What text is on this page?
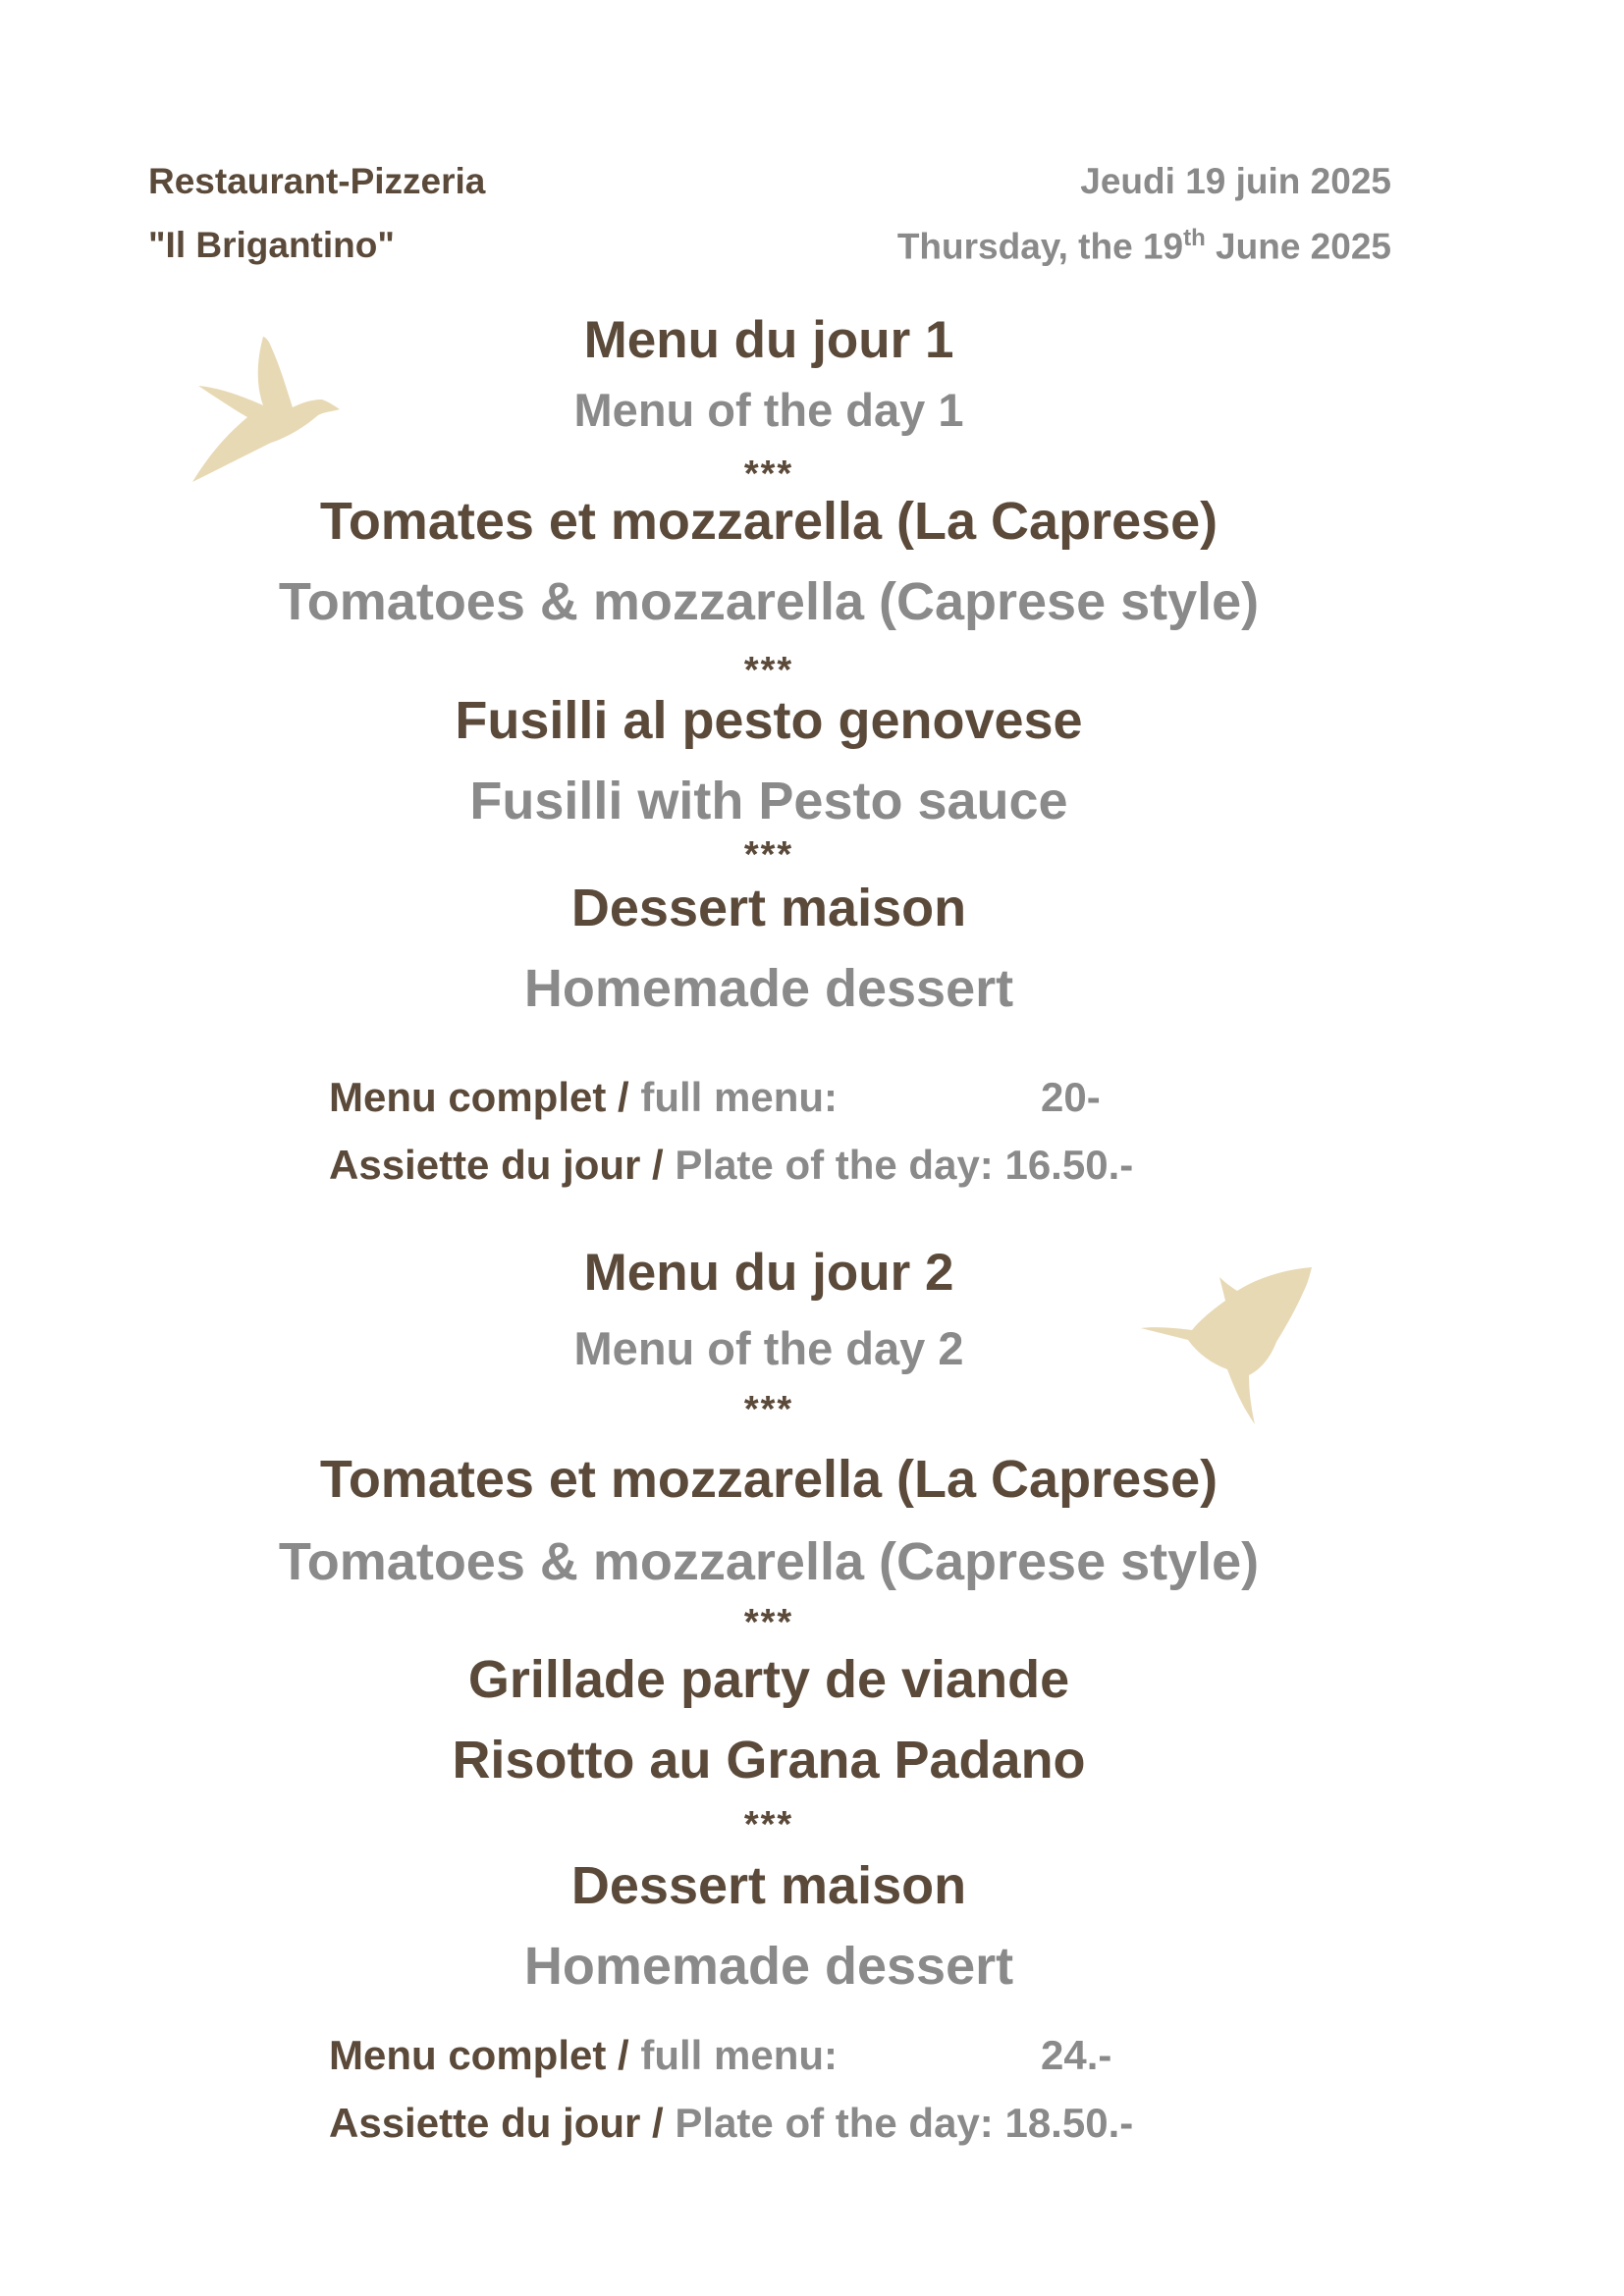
Restaurant-Pizzeria
"Il Brigantino"
Jeudi 19 juin 2025
Thursday, the 19th June 2025
Menu du jour 1
Menu of the day 1
***
Tomates et mozzarella (La Caprese)
Tomatoes & mozzarella (Caprese style)
***
Fusilli al pesto genovese
Fusilli with Pesto sauce
***
Dessert maison
Homemade dessert
Menu complet / full menu:	20-
Assiette du jour / Plate of the day: 16.50.-
Menu du jour 2
Menu of the day 2
***
Tomates et mozzarella (La Caprese)
Tomatoes & mozzarella (Caprese style)
***
Grillade party de viande
Risotto au Grana Padano
***
Dessert maison
Homemade dessert
Menu complet / full menu:	24.-
Assiette du jour / Plate of the day: 18.50.-
